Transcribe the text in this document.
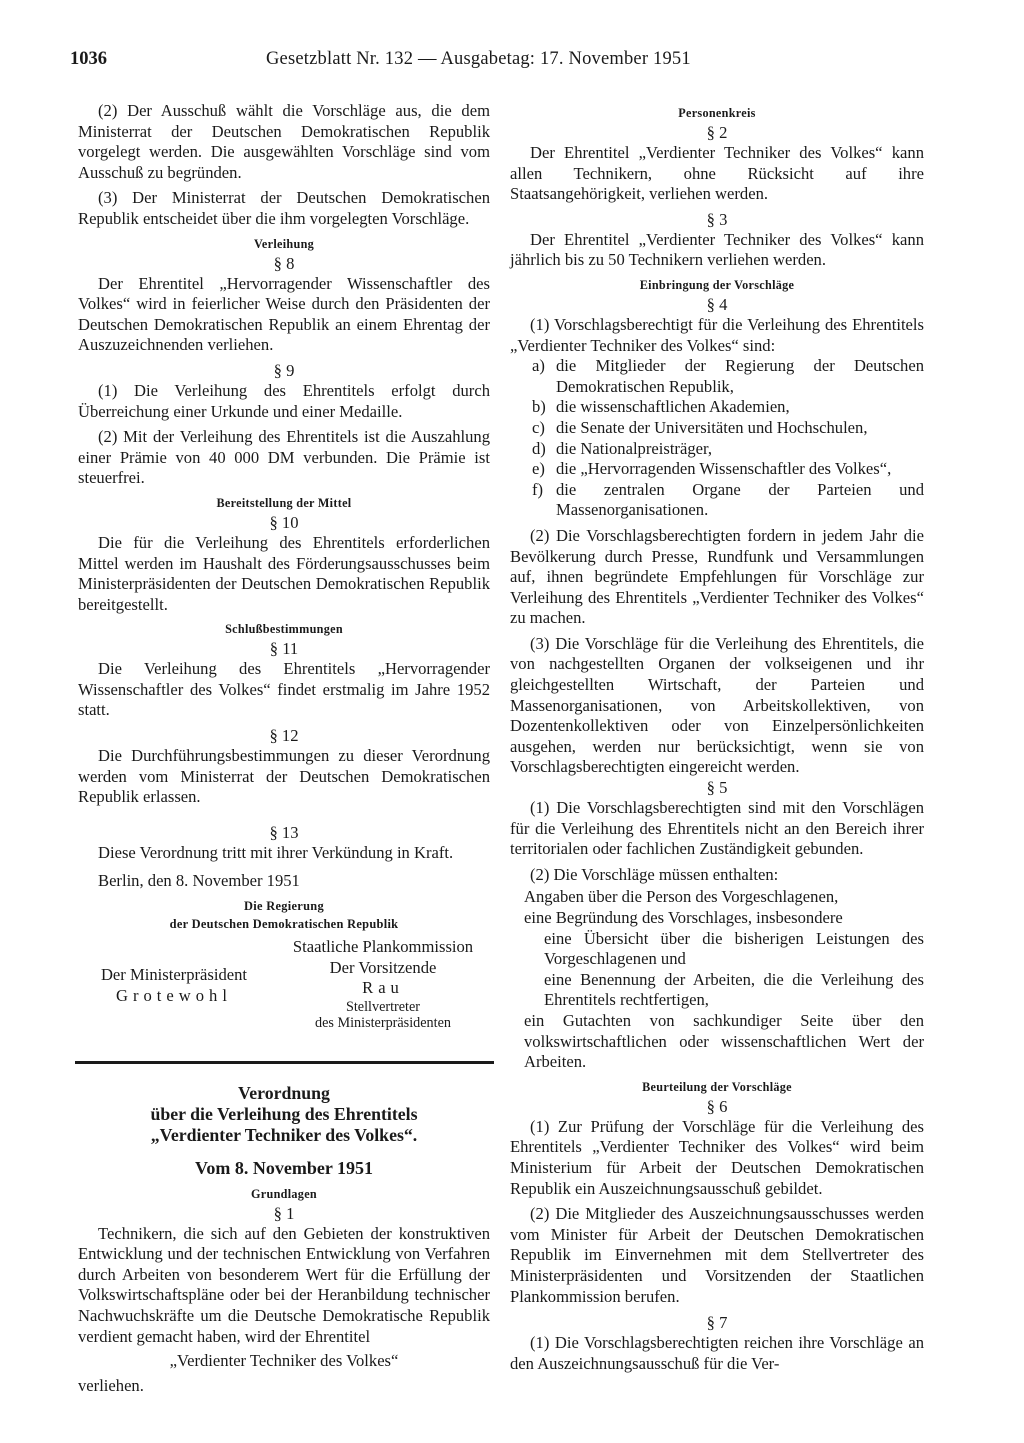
1036	Gesetzblatt Nr. 132 — Ausgabetag: 17. November 1951

(2) Der Ausschuß wählt die Vorschläge aus, die dem Ministerrat der Deutschen Demokratischen Republik vorgelegt werden. Die ausgewählten Vorschläge sind vom Ausschuß zu begründen.

(3) Der Ministerrat der Deutschen Demokratischen Republik entscheidet über die ihm vorgelegten Vorschläge.

Verleihung

§ 8

Der Ehrentitel „Hervorragender Wissenschaftler des Volkes“ wird in feierlicher Weise durch den Präsidenten der Deutschen Demokratischen Republik an einem Ehrentag der Auszuzeichnenden verliehen.

§ 9

(1) Die Verleihung des Ehrentitels erfolgt durch Überreichung einer Urkunde und einer Medaille.

(2) Mit der Verleihung des Ehrentitels ist die Auszahlung einer Prämie von 40 000 DM verbunden. Die Prämie ist steuerfrei.

Bereitstellung der Mittel

§ 10

Die für die Verleihung des Ehrentitels erforderlichen Mittel werden im Haushalt des Förderungsausschusses beim Ministerpräsidenten der Deutschen Demokratischen Republik bereitgestellt.

Schlußbestimmungen

§ 11

Die Verleihung des Ehrentitels „Hervorragender Wissenschaftler des Volkes“ findet erstmalig im Jahre 1952 statt.

§ 12

Die Durchführungsbestimmungen zu dieser Verordnung werden vom Ministerrat der Deutschen Demokratischen Republik erlassen.

§ 13

Diese Verordnung tritt mit ihrer Verkündung in Kraft.

Berlin, den 8. November 1951

Die Regierung

der Deutschen Demokratischen Republik

Der Ministerpräsident
Grotewohl
Staatliche Plankommission
Der Vorsitzende
Rau
Stellvertreter
des Ministerpräsidenten

Verordnung

über die Verleihung des Ehrentitels

„Verdienter Techniker des Volkes“.

Vom 8. November 1951

Grundlagen

§ 1

Technikern, die sich auf den Gebieten der konstruktiven Entwicklung und der technischen Entwicklung von Verfahren durch Arbeiten von besonderem Wert für die Erfüllung der Volkswirtschaftspläne oder bei der Heranbildung technischer Nachwuchskräfte um die Deutsche Demokratische Republik verdient gemacht haben, wird der Ehrentitel

„Verdienter Techniker des Volkes“

verliehen.

Personenkreis

§ 2

Der Ehrentitel „Verdienter Techniker des Volkes“ kann allen Technikern, ohne Rücksicht auf ihre Staatsangehörigkeit, verliehen werden.

§ 3

Der Ehrentitel „Verdienter Techniker des Volkes“ kann jährlich bis zu 50 Technikern verliehen werden.

Einbringung der Vorschläge

§ 4

(1) Vorschlagsberechtigt für die Verleihung des Ehrentitels „Verdienter Techniker des Volkes“ sind:

a) die Mitglieder der Regierung der Deutschen Demokratischen Republik,
b) die wissenschaftlichen Akademien,
c) die Senate der Universitäten und Hochschulen,
d) die Nationalpreisträger,
e) die „Hervorragenden Wissenschaftler des Volkes“,
f) die zentralen Organe der Parteien und Massenorganisationen.

(2) Die Vorschlagsberechtigten fordern in jedem Jahr die Bevölkerung durch Presse, Rundfunk und Versammlungen auf, ihnen begründete Empfehlungen für Vorschläge zur Verleihung des Ehrentitels „Verdienter Techniker des Volkes“ zu machen.

(3) Die Vorschläge für die Verleihung des Ehrentitels, die von nachgestellten Organen der volkseigenen und ihr gleichgestellten Wirtschaft, der Parteien und Massenorganisationen, von Arbeitskollektiven, von Dozentenkollektiven oder von Einzelpersönlichkeiten ausgehen, werden nur berücksichtigt, wenn sie von Vorschlagsberechtigten eingereicht werden.

§ 5

(1) Die Vorschlagsberechtigten sind mit den Vorschlägen für die Verleihung des Ehrentitels nicht an den Bereich ihrer territorialen oder fachlichen Zuständigkeit gebunden.

(2) Die Vorschläge müssen enthalten:

Angaben über die Person des Vorgeschlagenen,
eine Begründung des Vorschlages, insbesondere
eine Übersicht über die bisherigen Leistungen des Vorgeschlagenen und
eine Benennung der Arbeiten, die die Verleihung des Ehrentitels rechtfertigen,
ein Gutachten von sachkundiger Seite über den volkswirtschaftlichen oder wissenschaftlichen Wert der Arbeiten.

Beurteilung der Vorschläge

§ 6

(1) Zur Prüfung der Vorschläge für die Verleihung des Ehrentitels „Verdienter Techniker des Volkes“ wird beim Ministerium für Arbeit der Deutschen Demokratischen Republik ein Auszeichnungsausschuß gebildet.

(2) Die Mitglieder des Auszeichnungsausschusses werden vom Minister für Arbeit der Deutschen Demokratischen Republik im Einvernehmen mit dem Stellvertreter des Ministerpräsidenten und Vorsitzenden der Staatlichen Plankommission berufen.

§ 7

(1) Die Vorschlagsberechtigten reichen ihre Vorschläge an den Auszeichnungsausschuß für die Ver-
